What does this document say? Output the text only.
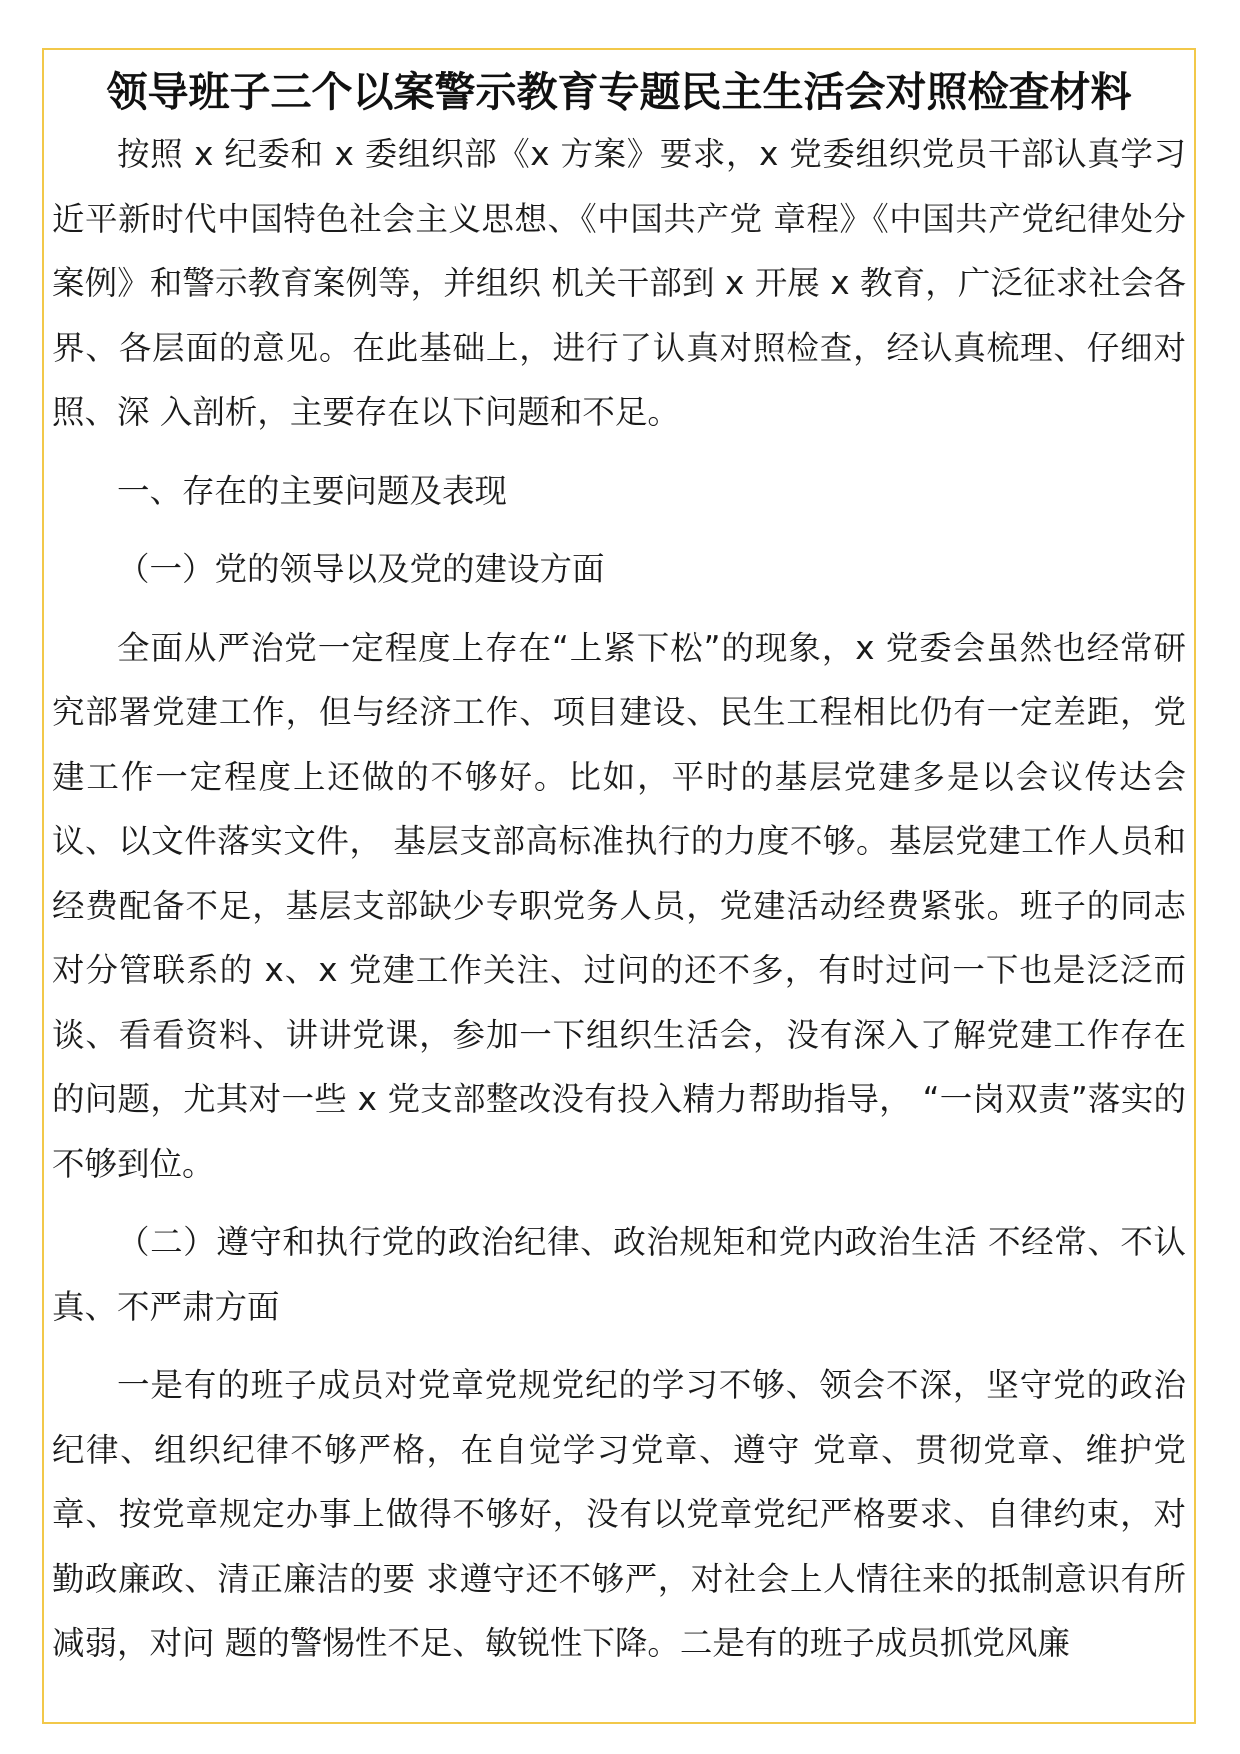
领导班子三个以案警示教育专题民主生活会对照检查材料

按照 x 纪委和 x 委组织部《x 方案》要求，x 党委组织党员干部认真学习近平新时代中国特色社会主义思想、《中国共产党 章程》《中国共产党纪律处分案例》和警示教育案例等，并组织 机关干部到 x 开展 x 教育，广泛征求社会各界、各层面的意见。在此基础上，进行了认真对照检查，经认真梳理、仔细对照、深 入剖析，主要存在以下问题和不足。

一、存在的主要问题及表现

（一）党的领导以及党的建设方面

全面从严治党一定程度上存在“上紧下松”的现象，x 党委会虽然也经常研究部署党建工作，但与经济工作、项目建设、民生工程相比仍有一定差距，党建工作一定程度上还做的不够好。比如，平时的基层党建多是以会议传达会议、以文件落实文件， 基层支部高标准执行的力度不够。基层党建工作人员和经费配备不足，基层支部缺少专职党务人员，党建活动经费紧张。班子的同志对分管联系的 x、x 党建工作关注、过问的还不多，有时过问一下也是泛泛而谈、看看资料、讲讲党课，参加一下组织生活会，没有深入了解党建工作存在的问题，尤其对一些 x 党支部整改没有投入精力帮助指导， “一岗双责”落实的不够到位。

（二）遵守和执行党的政治纪律、政治规矩和党内政治生活 不经常、不认真、不严肃方面

一是有的班子成员对党章党规党纪的学习不够、领会不深，坚守党的政治纪律、组织纪律不够严格，在自觉学习党章、遵守 党章、贯彻党章、维护党章、按党章规定办事上做得不够好，没有以党章党纪严格要求、自律约束，对勤政廉政、清正廉洁的要 求遵守还不够严，对社会上人情往来的抵制意识有所减弱，对问 题的警惕性不足、敏锐性下降。二是有的班子成员抓党风廉
